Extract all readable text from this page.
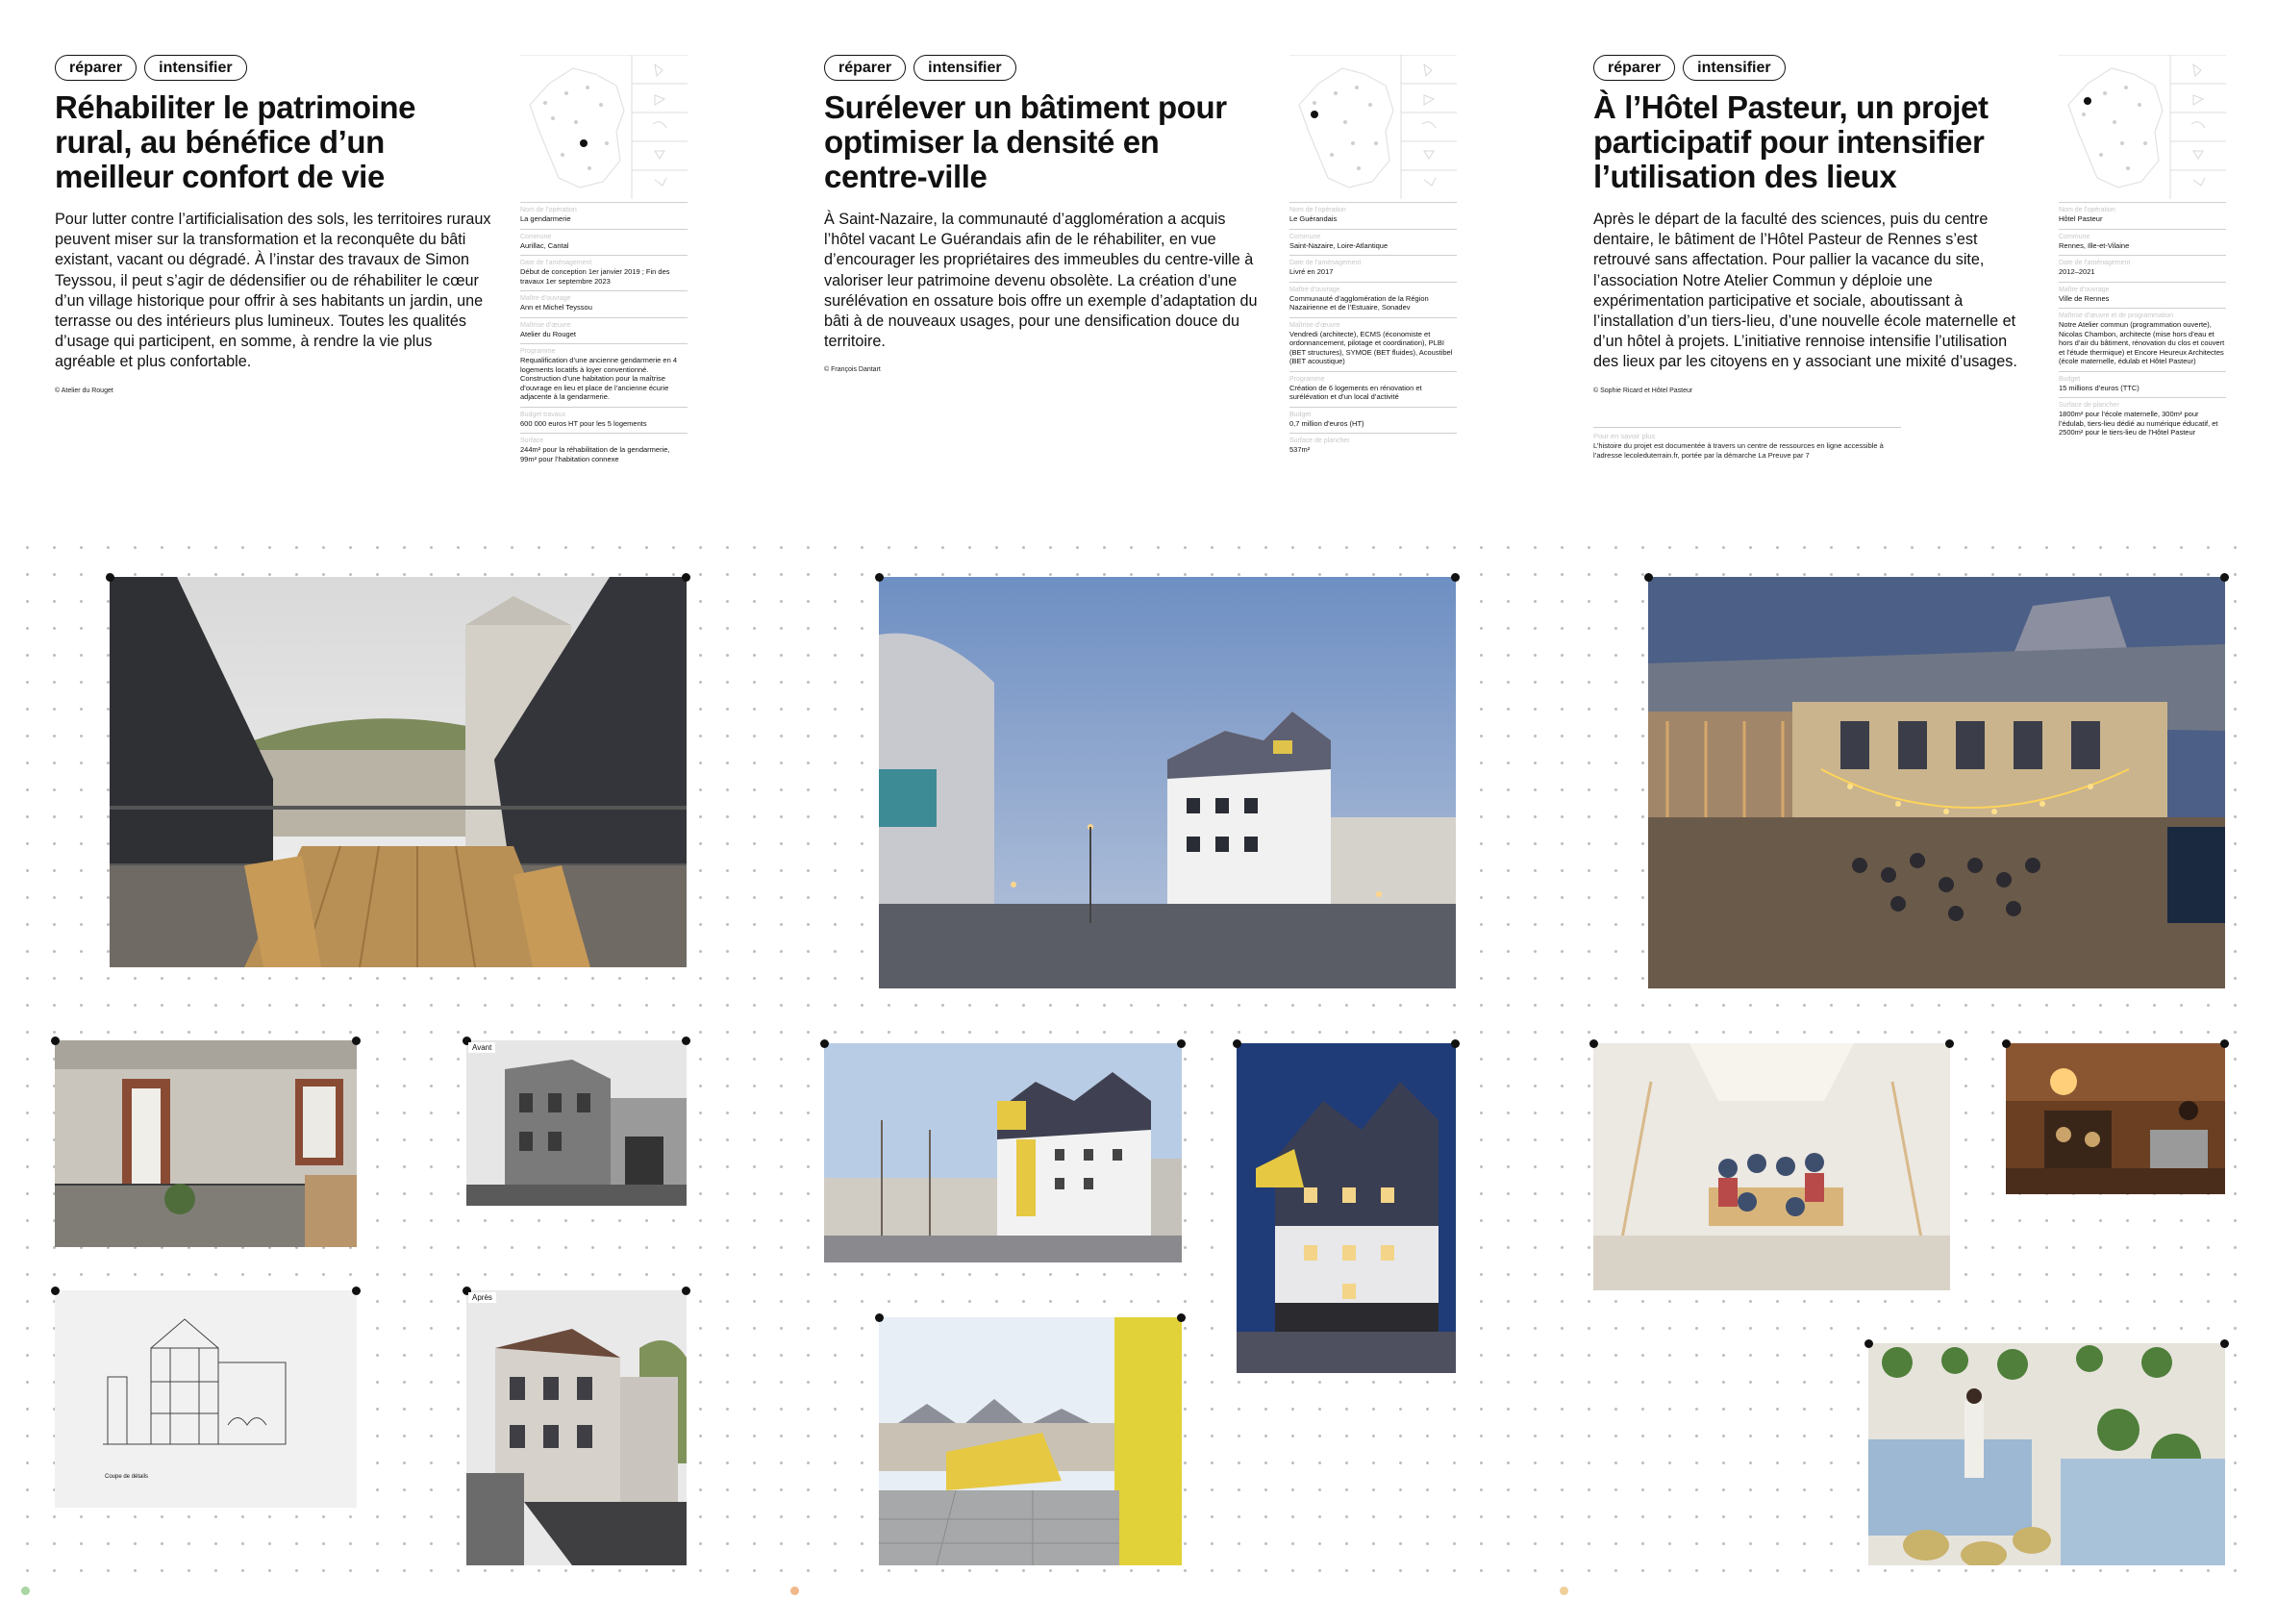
réparer	intensifier
Réhabiliter le patrimoine rural, au bénéfice d’un meilleur confort de vie

Pour lutter contre l’artificialisation des sols, les territoires ruraux peuvent miser sur la transformation et la reconquête du bâti existant, vacant ou dégradé. À l’instar des travaux de Simon Teyssou, il peut s’agir de dédensifier ou de réhabiliter le cœur d’un village historique pour offrir à ses habitants un jardin, une terrasse ou des intérieurs plus lumineux. Toutes les qualités d’usage qui participent, en somme, à rendre la vie plus agréable et plus confortable.

© Atelier du Rouget

Nom de l’opération
La gendarmerie
Commune
Aurillac, Cantal
Date de l’aménagement
Début de conception 1er janvier 2019 ; Fin des travaux 1er septembre 2023
Maître d’ouvrage
Ann et Michel Teyssou
Maîtrise d’œuvre
Atelier du Rouget
Programme
Requalification d’une ancienne gendarmerie en 4 logements locatifs à loyer conventionné. Construction d’une habitation pour la maîtrise d’ouvrage en lieu et place de l’ancienne écurie adjacente à la gendarmerie.
Budget travaux
600 000 euros HT pour les 5 logements
Surface
244m² pour la réhabilitation de la gendarmerie, 99m² pour l’habitation connexe
Avant
Coupe de détails
Après
réparer	intensifier
Surélever un bâtiment pour optimiser la densité en centre-ville

À Saint-Nazaire, la communauté d’agglomération a acquis l’hôtel vacant Le Guérandais afin de le réhabiliter, en vue d’encourager les propriétaires des immeubles du centre-ville à valoriser leur patrimoine devenu obsolète. La création d’une surélévation en ossature bois offre un exemple d’adaptation du bâti à de nouveaux usages, pour une densification douce du territoire.

© François Dantart

Nom de l’opération
Le Guérandais
Commune
Saint-Nazaire, Loire-Atlantique
Date de l’aménagement
Livré en 2017
Maître d’ouvrage
Communauté d’agglomération de la Région Nazairienne et de l’Estuaire, Sonadev
Maîtrise d’œuvre
Vendredi (architecte), ECMS (économiste et ordonnancement, pilotage et coordination), PLBI (BET structures), SYMOE (BET fluides), Acoustibel (BET acoustique)
Programme
Création de 6 logements en rénovation et surélévation et d’un local d’activité
Budget
0,7 million d’euros (HT)
Surface de plancher
537m²
réparer	intensifier
À l’Hôtel Pasteur, un projet participatif pour intensifier l’utilisation des lieux

Après le départ de la faculté des sciences, puis du centre dentaire, le bâtiment de l’Hôtel Pasteur de Rennes s’est retrouvé sans affectation. Pour pallier la vacance du site, l’association Notre Atelier Commun y déploie une expérimentation participative et sociale, aboutissant à l’installation d’un tiers-lieu, d’une nouvelle école maternelle et d’un hôtel à projets. L’initiative rennoise intensifie l’utilisation des lieux par les citoyens en y associant une mixité d’usages.

© Sophie Ricard et Hôtel Pasteur

Pour en savoir plus
L’histoire du projet est documentée à travers un centre de ressources en ligne accessible à l’adresse lecoleduterrain.fr, portée par la démarche La Preuve par 7
Nom de l’opération
Hôtel Pasteur
Commune
Rennes, Ille-et-Vilaine
Date de l’aménagement
2012–2021
Maître d’ouvrage
Ville de Rennes
Maîtrise d’œuvre et de programmation
Notre Atelier commun (programmation ouverte), Nicolas Chambon, architecte (mise hors d’eau et hors d’air du bâtiment, rénovation du clos et couvert et l’étude thermique) et Encore Heureux Architectes (école maternelle, édulab et Hôtel Pasteur)
Budget
15 millions d’euros (TTC)
Surface de plancher
1800m² pour l’école maternelle, 300m² pour l’édulab, tiers-lieu dédié au numérique éducatif, et 2500m² pour le tiers-lieu de l’Hôtel Pasteur
